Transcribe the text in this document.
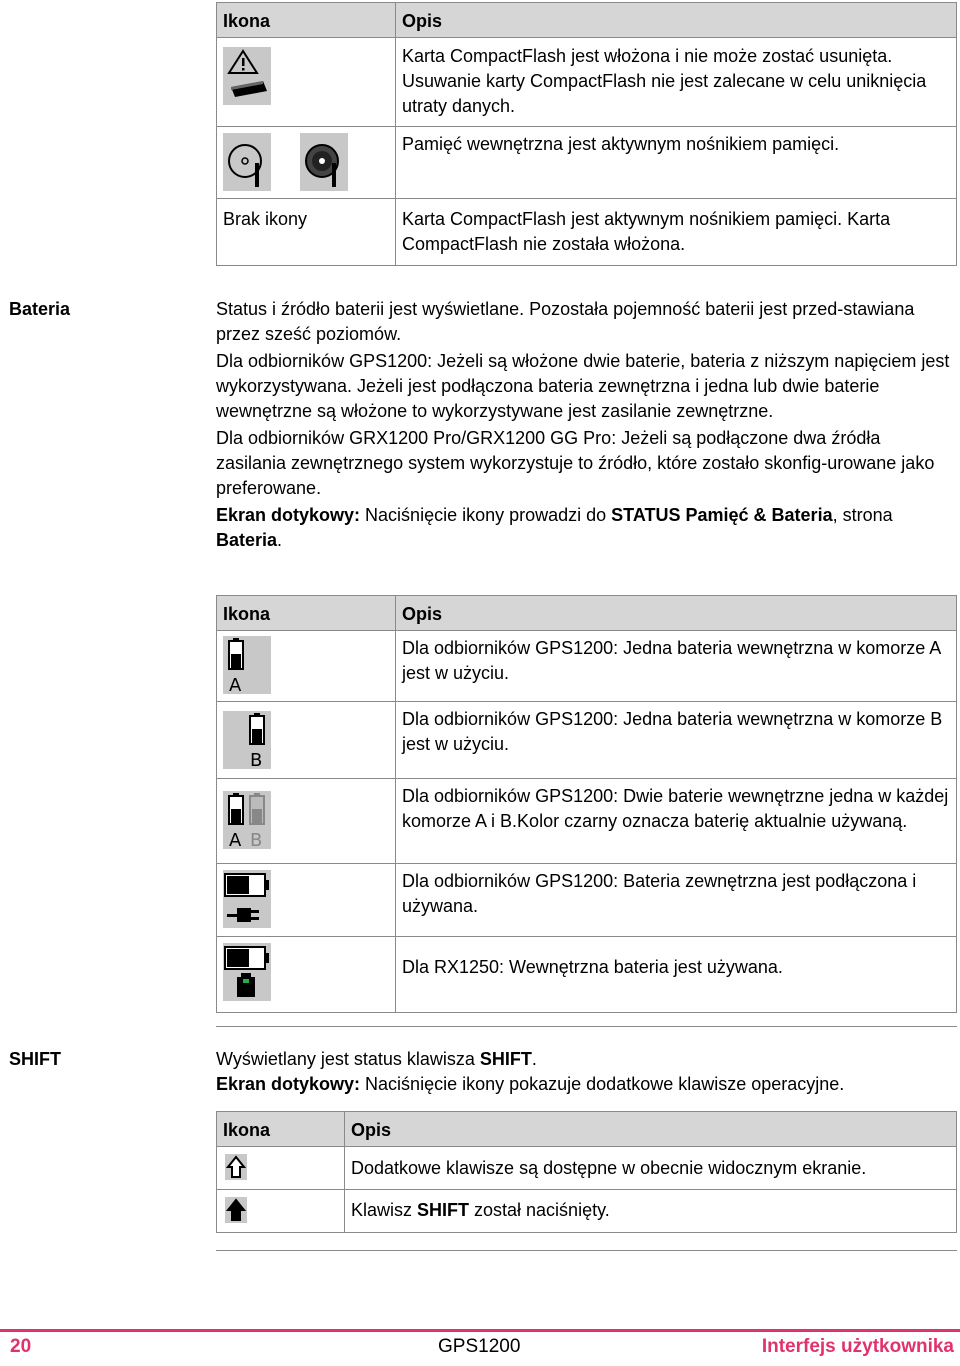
Ikona	Opis

Karta CompactFlash jest włożona i nie może zostać usunięta. Usuwanie karty CompactFlash nie jest zalecane w celu uniknięcia utraty danych.

Pamięć wewnętrzna jest aktywnym nośnikiem pamięci.

Brak ikony	Karta CompactFlash jest aktywnym nośnikiem pamięci. Karta CompactFlash nie została włożona.
Bateria	Status i źródło baterii jest wyświetlane. Pozostała pojemność baterii jest przed-stawiana przez sześć poziomów.

Dla odbiorników GPS1200: Jeżeli są włożone dwie baterie, bateria z niższym napięciem jest wykorzystywana. Jeżeli jest podłączona bateria zewnętrzna i jedna lub dwie baterie wewnętrzne są włożone to wykorzystywane jest zasilanie zewnętrzne.

Dla odbiorników GRX1200 Pro/GRX1200 GG Pro: Jeżeli są podłączone dwa źródła zasilania zewnętrznego system wykorzystuje to źródło, które zostało skonfig-urowane jako preferowane.

Ekran dotykowy: Naciśnięcie ikony prowadzi do STATUS Pamięć & Bateria, strona Bateria.

Ikona	Opis

A	Dla odbiorników GPS1200: Jedna bateria wewnętrzna w komorze A jest w użyciu.

B	Dla odbiorników GPS1200: Jedna bateria wewnętrzna w komorze B jest w użyciu.

A B	Dla odbiorników GPS1200: Dwie baterie wewnętrzne jedna w każdej komorze A i B.Kolor czarny oznacza baterię aktualnie używaną.

Dla odbiorników GPS1200: Bateria zewnętrzna jest podłączona i używana.

Dla RX1250: Wewnętrzna bateria jest używana.
SHIFT	Wyświetlany jest status klawisza SHIFT.

Ekran dotykowy: Naciśnięcie ikony pokazuje dodatkowe klawisze operacyjne.

Ikona	Opis

Dodatkowe klawisze są dostępne w obecnie widocznym ekranie.

Klawisz SHIFT został naciśnięty.
20	GPS1200	Interfejs użytkownika
